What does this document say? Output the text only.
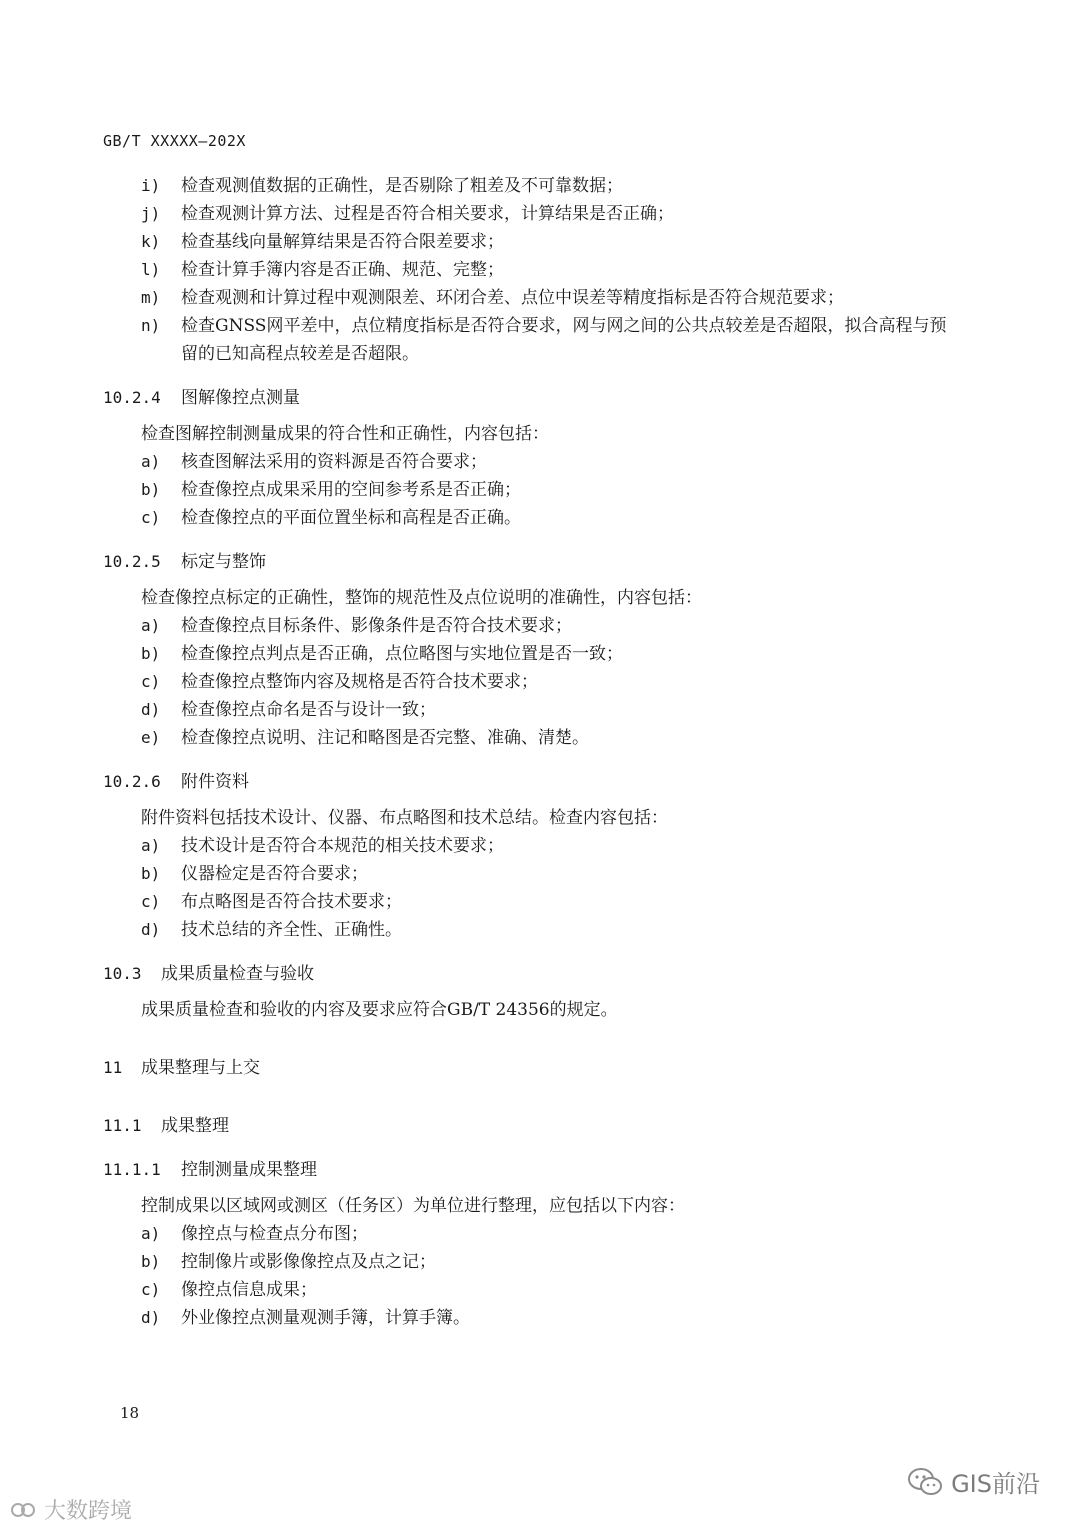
GB/T XXXXX—202X

i) 检查观测值数据的正确性，是否剔除了粗差及不可靠数据；

j) 检查观测计算方法、过程是否符合相关要求，计算结果是否正确；

k) 检查基线向量解算结果是否符合限差要求；

l) 检查计算手簿内容是否正确、规范、完整；

m) 检查观测和计算过程中观测限差、环闭合差、点位中误差等精度指标是否符合规范要求；

n) 检查GNSS网平差中，点位精度指标是否符合要求，网与网之间的公共点较差是否超限，拟合高程与预留的已知高程点较差是否超限。

10.2.4 图解像控点测量

检查图解控制测量成果的符合性和正确性，内容包括：

a) 核查图解法采用的资料源是否符合要求；

b) 检查像控点成果采用的空间参考系是否正确；

c) 检查像控点的平面位置坐标和高程是否正确。

10.2.5 标定与整饰

检查像控点标定的正确性，整饰的规范性及点位说明的准确性，内容包括：

a) 检查像控点目标条件、影像条件是否符合技术要求；

b) 检查像控点判点是否正确，点位略图与实地位置是否一致；

c) 检查像控点整饰内容及规格是否符合技术要求；

d) 检查像控点命名是否与设计一致；

e) 检查像控点说明、注记和略图是否完整、准确、清楚。

10.2.6 附件资料

附件资料包括技术设计、仪器、布点略图和技术总结。检查内容包括：

a) 技术设计是否符合本规范的相关技术要求；

b) 仪器检定是否符合要求；

c) 布点略图是否符合技术要求；

d) 技术总结的齐全性、正确性。

10.3 成果质量检查与验收

成果质量检查和验收的内容及要求应符合GB/T 24356的规定。

11 成果整理与上交
11.1 成果整理
11.1.1 控制测量成果整理

控制成果以区域网或测区（任务区）为单位进行整理，应包括以下内容：

a) 像控点与检查点分布图；

b) 控制像片或影像像控点及点之记；

c) 像控点信息成果；

d) 外业像控点测量观测手簿，计算手簿。

18
GIS前沿
大数跨境
